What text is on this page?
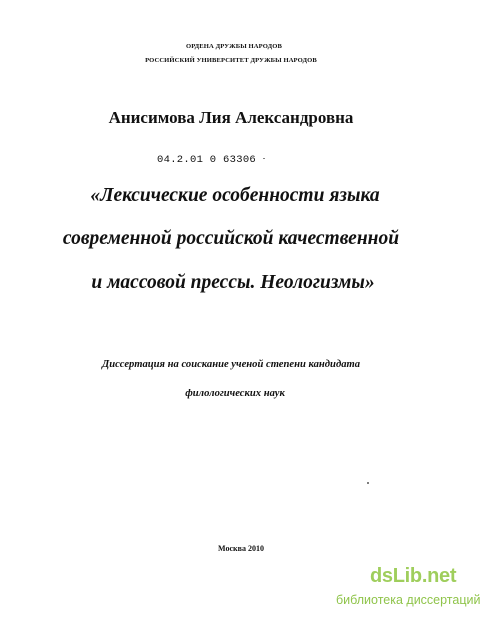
ОРДЕНА ДРУЖБЫ НАРОДОВ
РОССИЙСКИЙ УНИВЕРСИТЕТ ДРУЖБЫ НАРОДОВ
Анисимова Лия Александровна
04.2.01 0 63306
«Лексические особенности языка
современной российской качественной
и массовой прессы. Неологизмы»
Диссертация на соискание ученой степени кандидата
филологических наук
Москва 2010
dsLib.net
библиотека диссертаций
